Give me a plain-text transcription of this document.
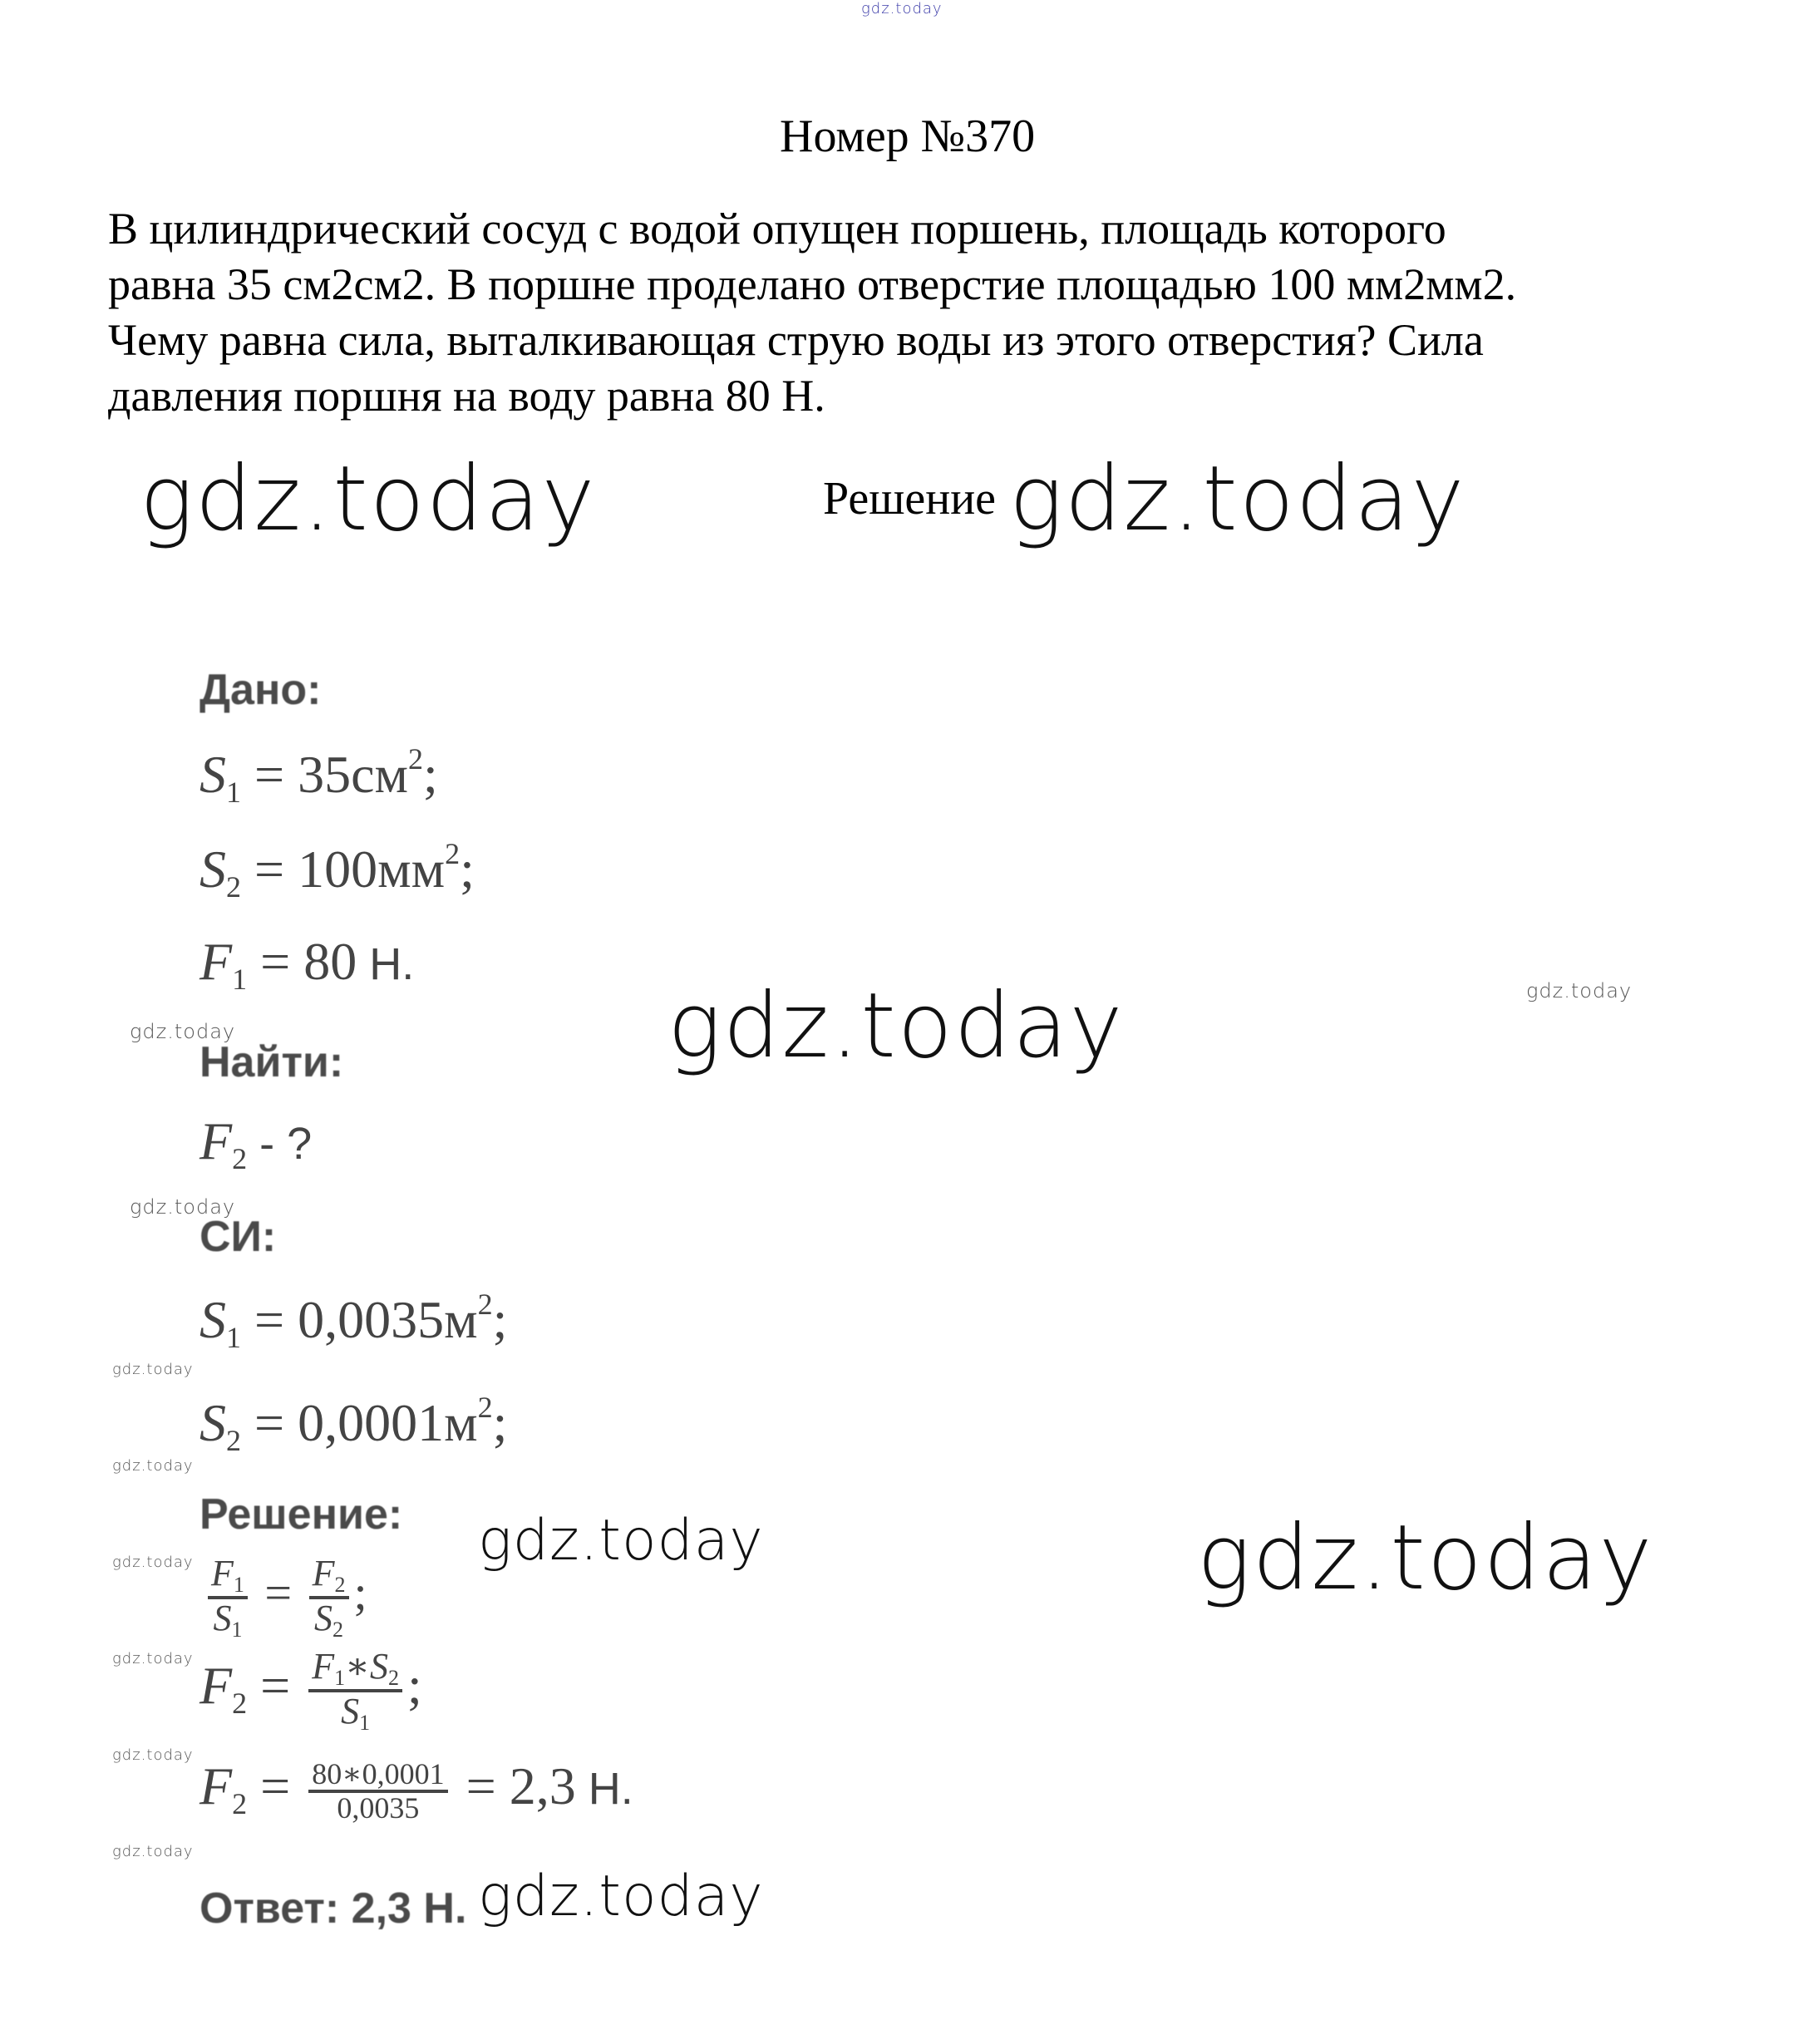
gdz.today
Номер №370
В цилиндрический сосуд с водой опущен поршень, площадь которого
равна 35 см2см2. В поршне проделано отверстие площадью 100 мм2мм2.
Чему равна сила, выталкивающая струю воды из этого отверстия? Сила
давления поршня на воду равна 80 Н.
gdz.today	Решение gdz.today
gdz.today	gdz.today
gdz.today
gdz.today
gdz.today
gdz.today
gdz.today
gdz.today
gdz.today
gdz.today
gdz.today	gdz.today
gdz.today
Дано:
$S_1 = 35см^2$;
$S_2 = 100мм^2$;
$F_1 = 80$ Н.
Найти:
$F_2$ - ?
СИ:
$S_1 = 0,0035м^2$;
$S_2 = 0,0001м^2$;
Решение:
$\frac{F_1}{S_1} = \frac{F_2}{S_2}$ ;
$F_2 = \frac{F_1∗S_2}{S_1}$ ;
$F_2 = \frac{80∗0,0001}{0,0035} = 2,3$ Н.
Ответ: 2,3 Н.
